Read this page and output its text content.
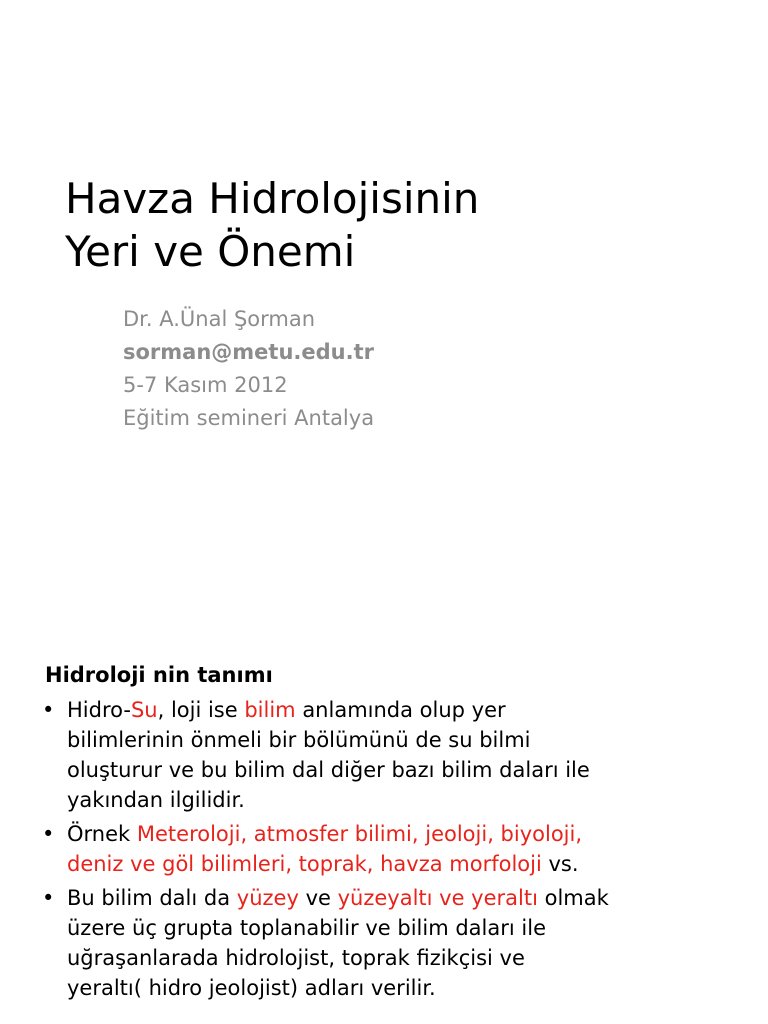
Havza Hidrolojisinin
Yeri ve Önemi
Dr. A.Ünal Şorman
sorman@metu.edu.tr
5-7 Kasım 2012
Eğitim semineri Antalya
Hidroloji nin tanımı
• Hidro-Su, loji ise bilim anlamında olup yer
bilimlerinin önmeli bir bölümünü de su bilmi
oluşturur ve bu bilim dal diğer bazı bilim daları ile
yakından ilgilidir.
• Örnek Meteroloji, atmosfer bilimi, jeoloji, biyoloji,
deniz ve göl bilimleri, toprak, havza morfoloji vs.
• Bu bilim dalı da yüzey ve yüzeyaltı ve yeraltı olmak
üzere üç grupta toplanabilir ve bilim daları ile
uğraşanlarada hidrolojist, toprak fizikçisi ve
yeraltı( hidro jeolojist) adları verilir.
